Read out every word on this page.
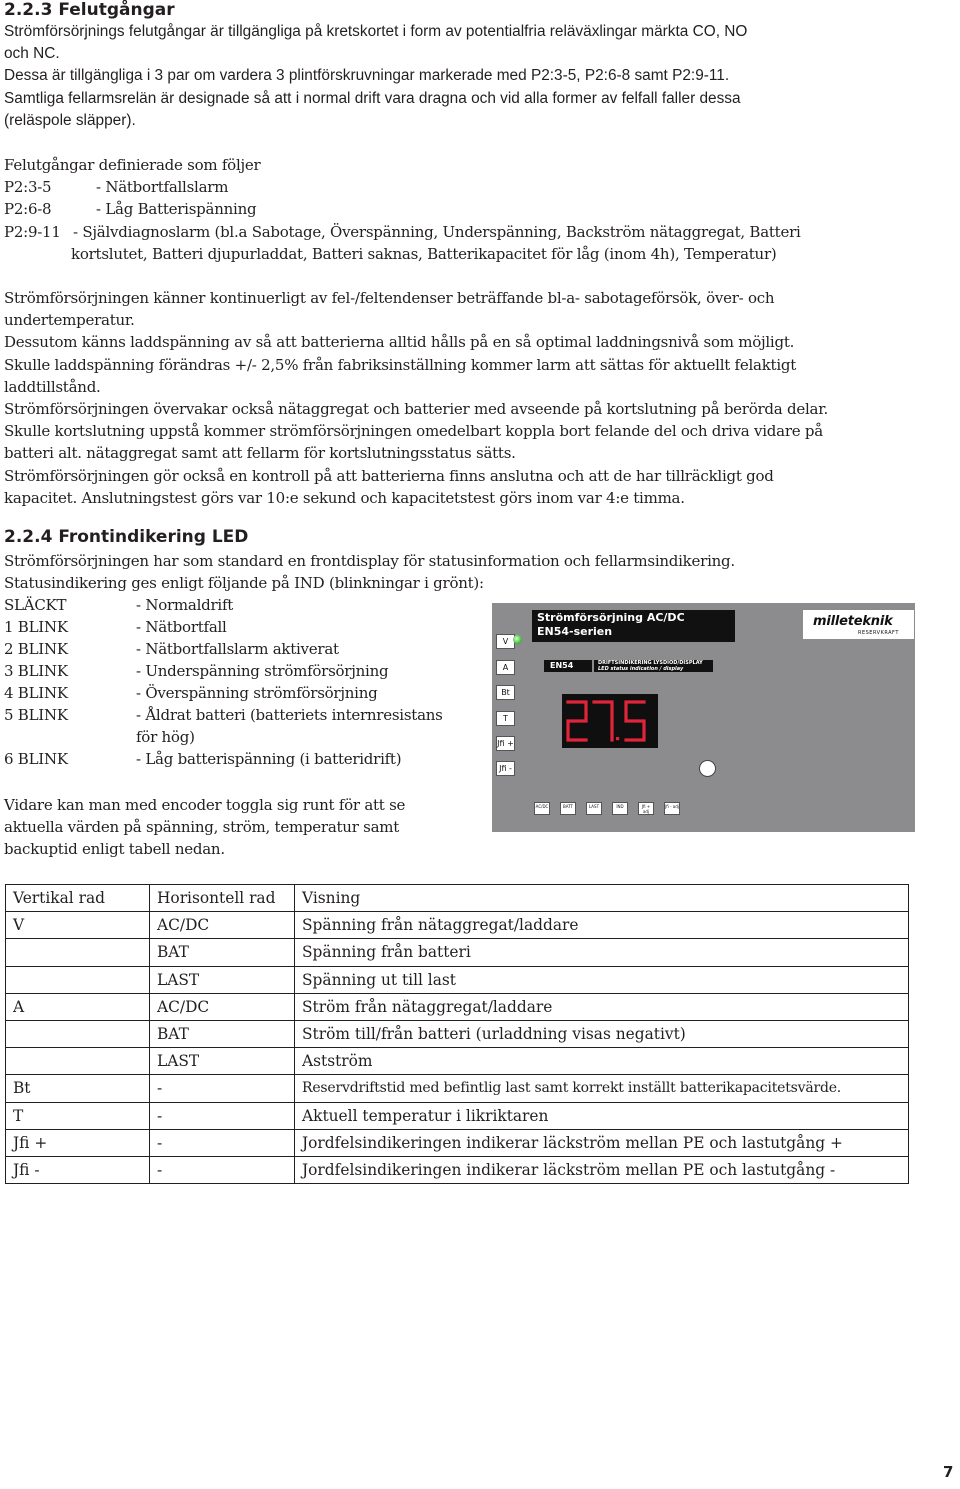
2.2.3 Felutgångar
Strömförsörjnings felutgångar är tillgängliga på kretskortet i form av potentialfria reläväxlingar märkta CO, NO
och NC.
Dessa är tillgängliga i 3 par om vardera 3 plintförskruvningar markerade med P2:3-5, P2:6-8 samt P2:9-11.
Samtliga fellarmsrelän är designade så att i normal drift vara dragna och vid alla former av felfall faller dessa
(reläspole släpper).
Felutgångar definierade som följer
P2:3-5	- Nätbortfallslarm
P2:6-8	- Låg Batterispänning
P2:9-11 - Självdiagnoslarm (bl.a Sabotage, Överspänning, Underspänning, Backström nätaggregat, Batteri
kortslutet, Batteri djupurladdat, Batteri saknas, Batterikapacitet för låg (inom 4h), Temperatur)
Strömförsörjningen känner kontinuerligt av fel-/feltendenser beträffande bl-a- sabotageförsök, över- och
undertemperatur.
Dessutom känns laddspänning av så att batterierna alltid hålls på en så optimal laddningsnivå som möjligt.
Skulle laddspänning förändras +/- 2,5% från fabriksinställning kommer larm att sättas för aktuellt felaktigt
laddtillstånd.
Strömförsörjningen övervakar också nätaggregat och batterier med avseende på kortslutning på berörda delar.
Skulle kortslutning uppstå kommer strömförsörjningen omedelbart koppla bort felande del och driva vidare på
batteri alt. nätaggregat samt att fellarm för kortslutningsstatus sätts.
Strömförsörjningen gör också en kontroll på att batterierna finns anslutna och att de har tillräckligt god
kapacitet. Anslutningstest görs var 10:e sekund och kapacitetstest görs inom var 4:e timma.
2.2.4 Frontindikering LED
Strömförsörjningen har som standard en frontdisplay för statusinformation och fellarmsindikering.
Statusindikering ges enligt följande på IND (blinkningar i grönt):
SLÄCKT	- Normaldrift
1 BLINK	- Nätbortfall
2 BLINK	- Nätbortfallslarm aktiverat
3 BLINK	- Underspänning strömförsörjning
4 BLINK	- Överspänning strömförsörjning
5 BLINK	- Åldrat batteri (batteriets internresistans
för hög)
6 BLINK	- Låg batterispänning (i batteridrift)
Vidare kan man med encoder toggla sig runt för att se
aktuella värden på spänning, ström, temperatur samt
backuptid enligt tabell nedan.
V
A
Bt
T
Jfi +
Jfi -
Strömförsörjning AC/DC
EN54-serien
milleteknik
RESERVKRAFT
EN54	DRIFTSINDIKERING LYSDIOD/DISPLAY
LED status indication / display
AC/DC	BATT	LAST	IND	Jfi + adj
Jfi - adj
Vertikal rad	Horisontell rad	Visning
V	AC/DC	Spänning från nätaggregat/laddare
	BAT	Spänning från batteri
	LAST	Spänning ut till last
A	AC/DC	Ström från nätaggregat/laddare
	BAT	Ström till/från batteri (urladdning visas negativt)
	LAST	Astström
Bt	-	Reservdriftstid med befintlig last samt korrekt inställt batterikapacitetsvärde.
T	-	Aktuell temperatur i likriktaren
Jfi +	-	Jordfelsindikeringen indikerar läckström mellan PE och lastutgång +
Jfi -	-	Jordfelsindikeringen indikerar läckström mellan PE och lastutgång -
7
